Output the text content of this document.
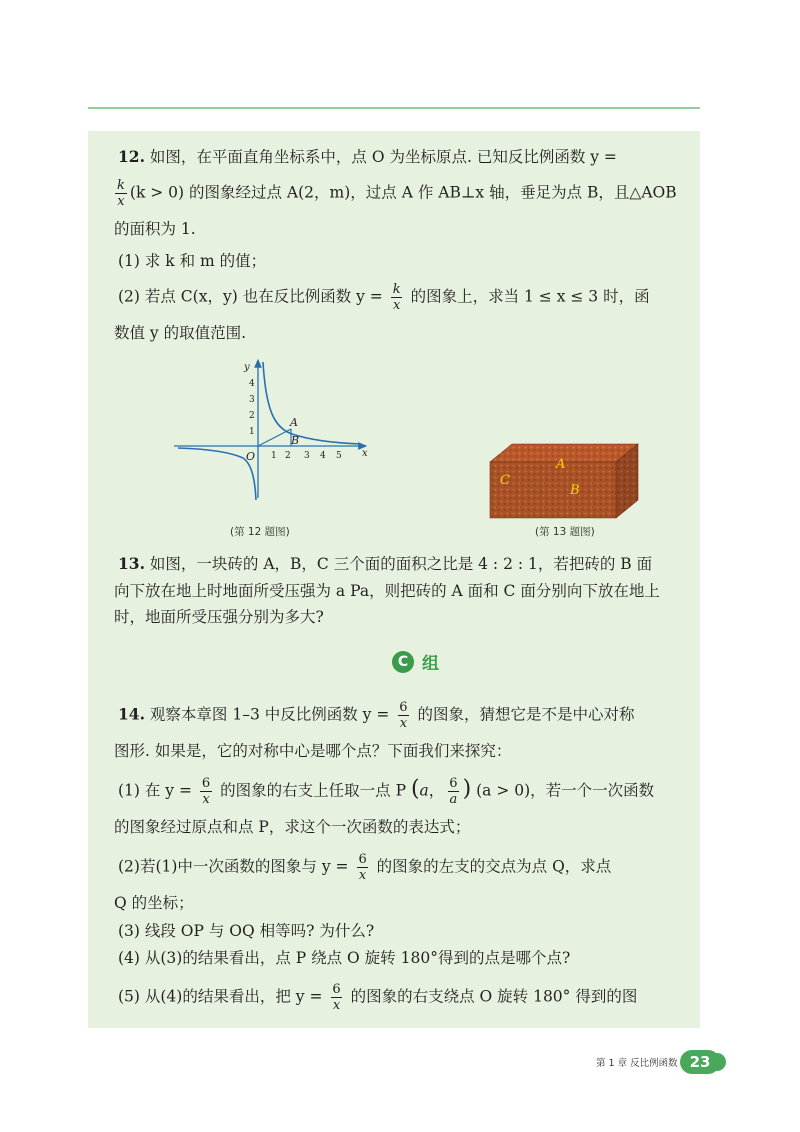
12. 如图，在平面直角坐标系中，点 O 为坐标原点. 已知反比例函数 y =
$\frac{k}{x} (k > 0)$ 的图象经过点 A(2，m)，过点 A 作 AB⊥x 轴，垂足为点 B，且△AOB
的面积为 1.
(1) 求 k 和 m 的值；
(2) 若点 C(x，y) 也在反比例函数 $y = \frac{k}{x}$ 的图象上，求当 1 ≤ x ≤ 3 时，函
数值 y 的取值范围.
y
x
O
A
B
1 2 3 4 5
1
2
3
4
(第 12 题图)
A
B
C
(第 13 题图)
13. 如图，一块砖的 A，B，C 三个面的面积之比是 4 : 2 : 1，若把砖的 B 面
向下放在地上时地面所受压强为 a Pa，则把砖的 A 面和 C 面分别向下放在地上
时，地面所受压强分别为多大?
C 组
14. 观察本章图 1–3 中反比例函数 $y = \frac{6}{x}$ 的图象，猜想它是不是中心对称
图形. 如果是，它的对称中心是哪个点？下面我们来探究：
(1) 在 $y = \frac{6}{x}$ 的图象的右支上任取一点 P (a， $\frac{6}{a}$ ) (a > 0)，若一个一次函数
的图象经过原点和点 P，求这个一次函数的表达式；
(2)若(1)中一次函数的图象与 $y = \frac{6}{x}$ 的图象的左支的交点为点 Q，求点
Q 的坐标；
(3) 线段 OP 与 OQ 相等吗? 为什么?
(4) 从(3)的结果看出，点 P 绕点 O 旋转 180°得到的点是哪个点?
(5) 从(4)的结果看出，把 $y = \frac{6}{x}$ 的图象的右支绕点 O 旋转 180° 得到的图
第 1 章 反比例函数 23
